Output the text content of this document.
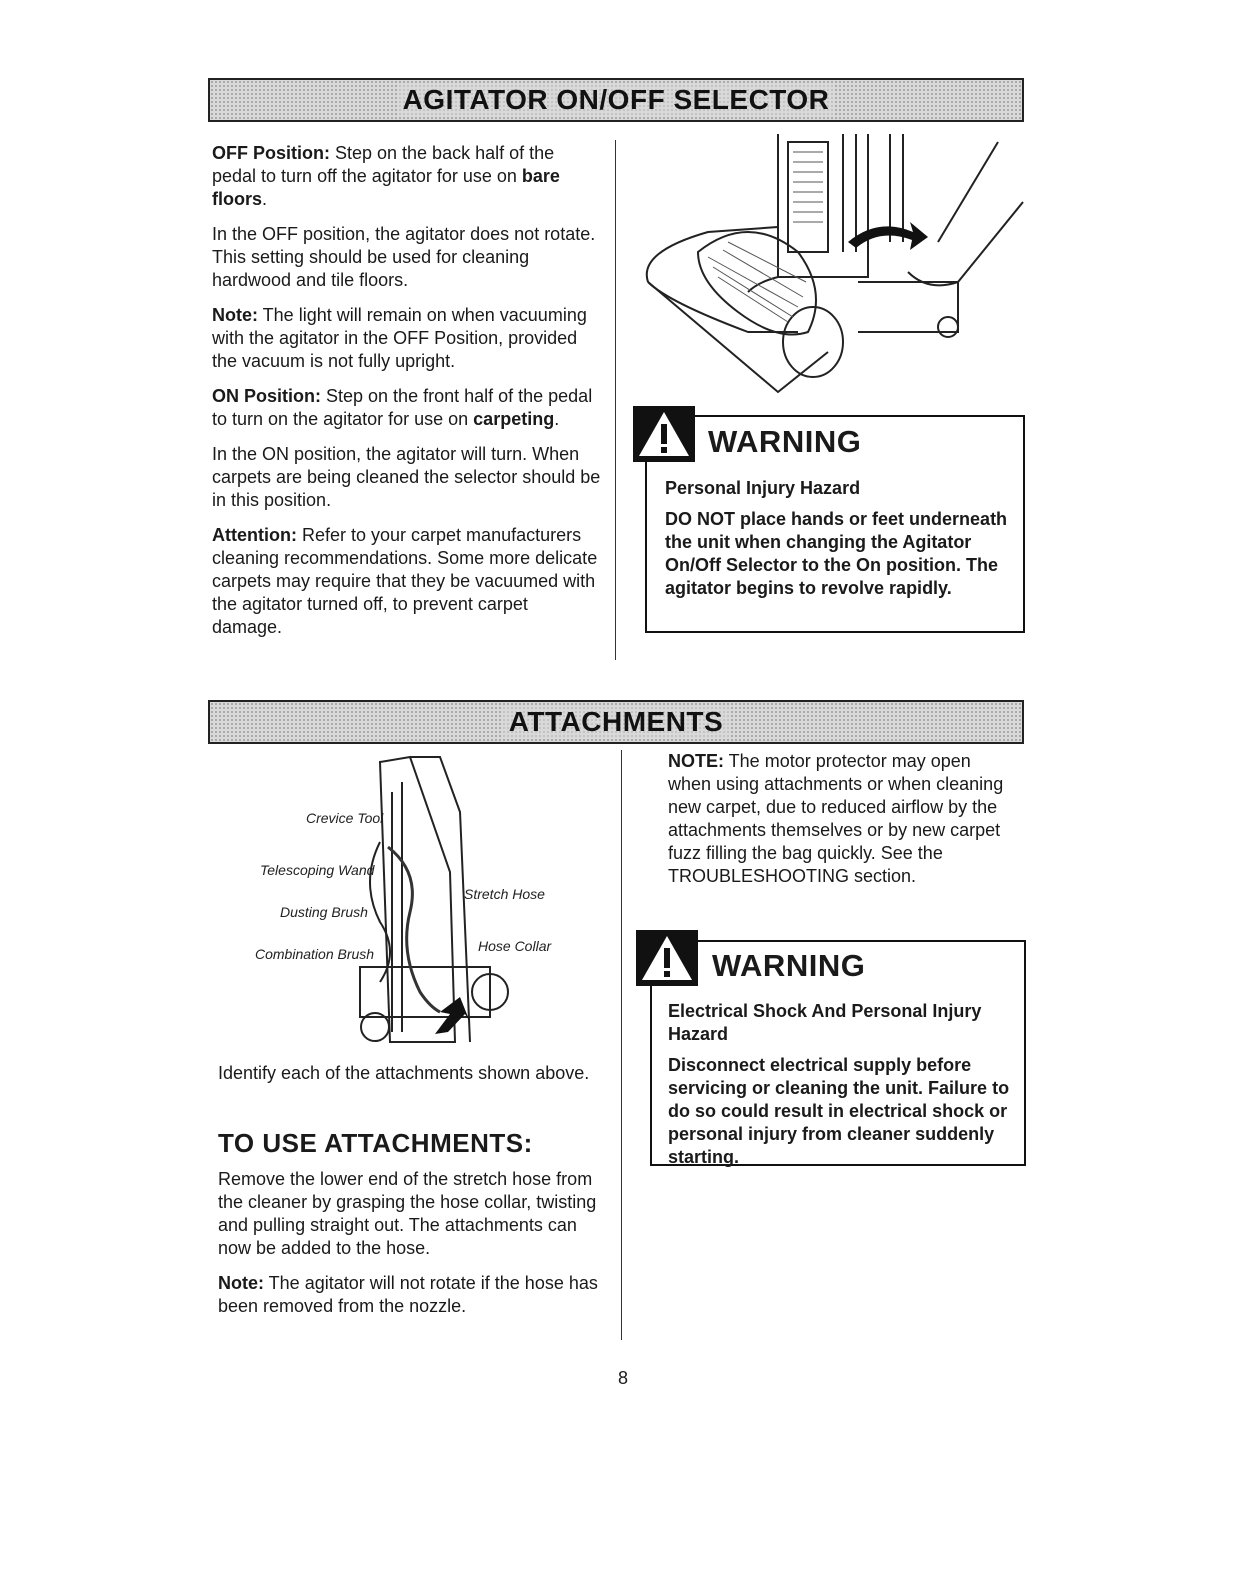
AGITATOR ON/OFF SELECTOR

OFF Position: Step on the back half of the pedal to turn off the agitator for use on bare floors.

In the OFF position, the agitator does not rotate. This setting should be used for cleaning hardwood and tile floors.

Note: The light will remain on when vacuuming with the agitator in the OFF Position, provided the vacuum is not fully upright.

ON Position: Step on the front half of the pedal to turn on the agitator for use on carpeting.

In the ON position, the agitator will turn. When carpets are being cleaned the selector should be in this position.

Attention: Refer to your carpet manufacturers cleaning recommendations. Some more delicate carpets may require that they be vacuumed with the agitator turned off, to prevent carpet damage.

WARNING

Personal Injury Hazard

DO NOT place hands or feet underneath the unit when changing the Agitator On/Off Selector to the On position. The agitator begins to revolve rapidly.

ATTACHMENTS
Crevice Tool
Telescoping Wand
Dusting Brush
Combination Brush
Stretch Hose
Hose Collar

Identify each of the attachments shown above.

TO USE ATTACHMENTS:

Remove the lower end of the stretch hose from the cleaner by grasping the hose collar, twisting and pulling straight out. The attachments can now be added to the hose.

Note: The agitator will not rotate if the hose has been removed from the nozzle.

NOTE: The motor protector may open when using attachments or when cleaning new carpet, due to reduced airflow by the attachments themselves or by new carpet fuzz filling the bag quickly. See the TROUBLESHOOTING section.

WARNING

Electrical Shock And Personal Injury Hazard

Disconnect electrical supply before servicing or cleaning the unit. Failure to do so could result in electrical shock or personal injury from cleaner suddenly starting.

8
